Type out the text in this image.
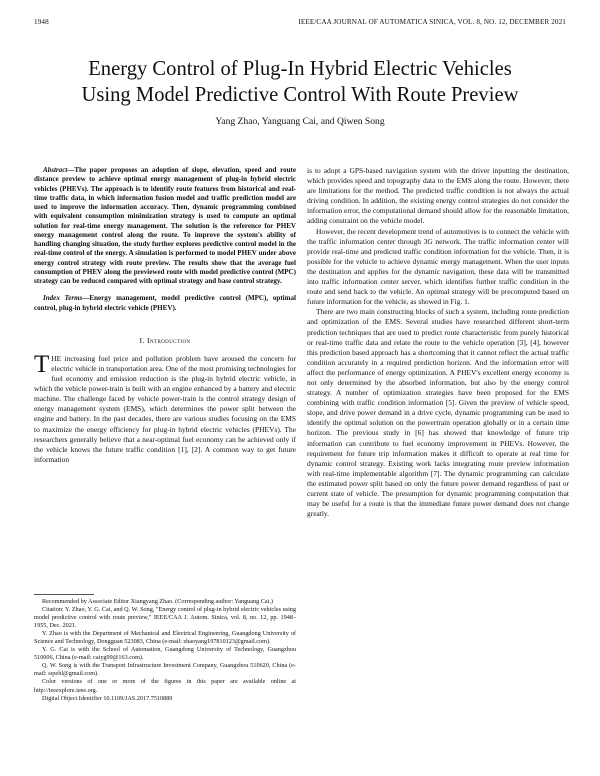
1948	IEEE/CAA JOURNAL OF AUTOMATICA SINICA, VOL. 8, NO. 12, DECEMBER 2021
Energy Control of Plug-In Hybrid Electric Vehicles
Using Model Predictive Control With Route Preview
Yang Zhao, Yanguang Cai, and Qiwen Song

Abstract—The paper proposes an adoption of slope, elevation, speed and route distance preview to achieve optimal energy management of plug-in hybrid electric vehicles (PHEVs). The approach is to identify route features from historical and real-time traffic data, in which information fusion model and traffic prediction model are used to improve the information accuracy. Then, dynamic programming combined with equivalent consumption minimization strategy is used to compute an optimal solution for real-time energy management. The solution is the reference for PHEV energy management control along the route. To improve the system's ability of handling changing situation, the study further explores predictive control model in the real-time control of the energy. A simulation is performed to model PHEV under above energy control strategy with route preview. The results show that the average fuel consumption of PHEV along the previewed route with model predictive control (MPC) strategy can be reduced compared with optimal strategy and base control strategy.

Index Terms—Energy management, model predictive control (MPC), optimal control, plug-in hybrid electric vehicle (PHEV).

I. Introduction

THE increasing fuel price and pollution problem have aroused the concern for electric vehicle in transportation area. One of the most promising technologies for fuel economy and emission reduction is the plug-in hybrid electric vehicle, in which the vehicle power-train is built with an engine enhanced by a battery and electric machine. The challenge faced by vehicle power-train is the control strategy design of energy management system (EMS), which determines the power split between the engine and battery. In the past decades, there are various studies focusing on the EMS to maximize the energy efficiency for plug-in hybrid electric vehicles (PHEVs). The researchers generally believe that a near-optimal fuel economy can be achieved only if the vehicle knows the future traffic condition [1], [2]. A common way to get future information

Recommended by Associate Editor Xiangyang Zhao. (Corresponding author: Yanguang Cai.)

Citation: Y. Zhao, Y. G. Cai, and Q. W. Song, "Energy control of plug-in hybrid electric vehicles using model predictive control with route preview," IEEE/CAA J. Autom. Sinica, vol. 8, no. 12, pp. 1948–1955, Dec. 2021.

Y. Zhao is with the Department of Mechanical and Electrical Engineering, Guangdong University of Science and Technology, Dongguan 523083, China (e-mail: zhaoyang197810123@gmail.com).

Y. G. Cai is with the School of Automation, Guangdong University of Technology, Guangzhou 510006, China (e-mail: caiyg99@163.com).

Q. W. Song is with the Transport Infrastructure Investment Company, Guangzhou 510620, China (e-mail: sqwhl@gmail.com).

Color versions of one or more of the figures in this paper are available online at http://ieeexplore.ieee.org.

Digital Object Identifier 10.1109/JAS.2017.7510889

is to adopt a GPS-based navigation system with the driver inputting the destination, which provides speed and topography data to the EMS along the route. However, there are limitations for the method. The predicted traffic condition is not always the actual driving condition. In addition, the existing energy control strategies do not consider the information error, the computational demand should allow for the reasonable limitation, adding constraint on the vehicle model.

However, the recent development trend of automotives is to connect the vehicle with the traffic information center through 3G network. The traffic information center will provide real-time and predicted traffic condition information for the vehicle. Then, it is possible for the vehicle to achieve dynamic energy management. When the user inputs the destination and applies for the dynamic navigation, these data will be transmitted into traffic information center server, which identifies further traffic condition in the route and send back to the vehicle. An optimal strategy will be precomputed based on future information for the vehicle, as showed in Fig. 1.

There are two main constructing blocks of such a system, including route prediction and optimization of the EMS. Several studies have researched different short-term prediction techniques that are used to predict route characteristic from purely historical or real-time traffic data and relate the route to the vehicle operation [3], [4], however this prediction based approach has a shortcoming that it cannot reflect the actual traffic condition accurately in a required prediction horizon. And the information error will affect the performance of energy optimization. A PHEV's excellent energy economy is not only determined by the absorbed information, but also by the energy control strategy. A number of optimization strategies have been proposed for the EMS combining with traffic condition information [5]. Given the preview of vehicle speed, slope, and drive power demand in a drive cycle, dynamic programming can be used to identify the optimal solution on the powertrain operation globally or in a certain time horizon. The previous study in [6] has showed that knowledge of future trip information can contribute to fuel economy improvement in PHEVs. However, the requirement for future trip information makes it difficult to operate at real time for dynamic control strategy. Existing work lacks integrating route preview information with real-time implementable algorithm [7]. The dynamic programming can calculate the estimated power split based on only the future power demand regardless of past or current state of vehicle. The presumption for dynamic programming computation that may be useful for a route is that the immediate future power demand does not change greatly.
